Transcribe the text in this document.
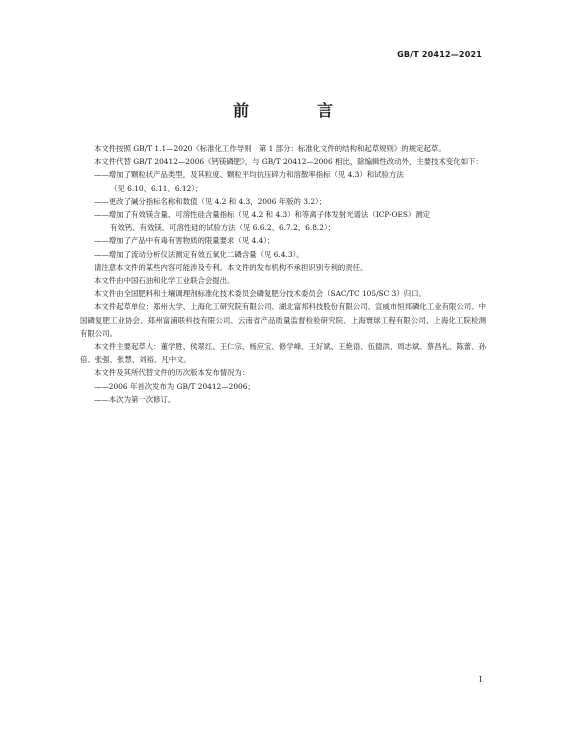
GB/T 20412—2021
前　言

本文件按照 GB/T 1.1—2020《标准化工作导则　第 1 部分：标准化文件的结构和起草规则》的规定起草。

本文件代替 GB/T 20412—2006《钙镁磷肥》，与 GB/T 20412—2006 相比，除编辑性改动外，主要技术变化如下：

——增加了颗粒状产品类型，及其粒度、颗粒平均抗压碎力和溶散率指标（见 4.3）和试验方法

（见 6.10、6.11、6.12）；

——更改了碱分指标名称和数值（见 4.2 和 4.3，2006 年版的 3.2）；

——增加了有效镁含量、可溶性硅含量指标（见 4.2 和 4.3）和等离子体发射光谱法（ICP-OES）测定

有效钙、有效镁、可溶性硅的试验方法（见 6.6.2、6.7.2、6.8.2）；

——增加了产品中有毒有害物质的限量要求（见 4.4）；

——增加了流动分析仪法测定有效五氧化二磷含量（见 6.4.3）。

请注意本文件的某些内容可能涉及专利。本文件的发布机构不承担识别专利的责任。

本文件由中国石油和化学工业联合会提出。

本文件由全国肥料和土壤调理剂标准化技术委员会磷复肥分技术委员会（SAC/TC 105/SC 3）归口。

本文件起草单位：郑州大学、上海化工研究院有限公司、湖北富邦科技股份有限公司、宣威市恒邦磷化工业有限公司、中国磷复肥工业协会、郑州富浦联科技有限公司、云南省产品质量监督检验研究院、上海寰球工程有限公司、上海化工院检测有限公司。

本文件主要起草人：董学胜、侯翠红、王仁宗、杨应宝、修学峰、王好斌、王艳语、伍德洪、周志斌、蔡昌礼、陈蕾、孙倍、张强、张慧、刘裕、凡中文。

本文件及其所代替文件的历次版本发布情况为：

——2006 年首次发布为 GB/T 20412—2006；

——本次为第一次修订。

I
